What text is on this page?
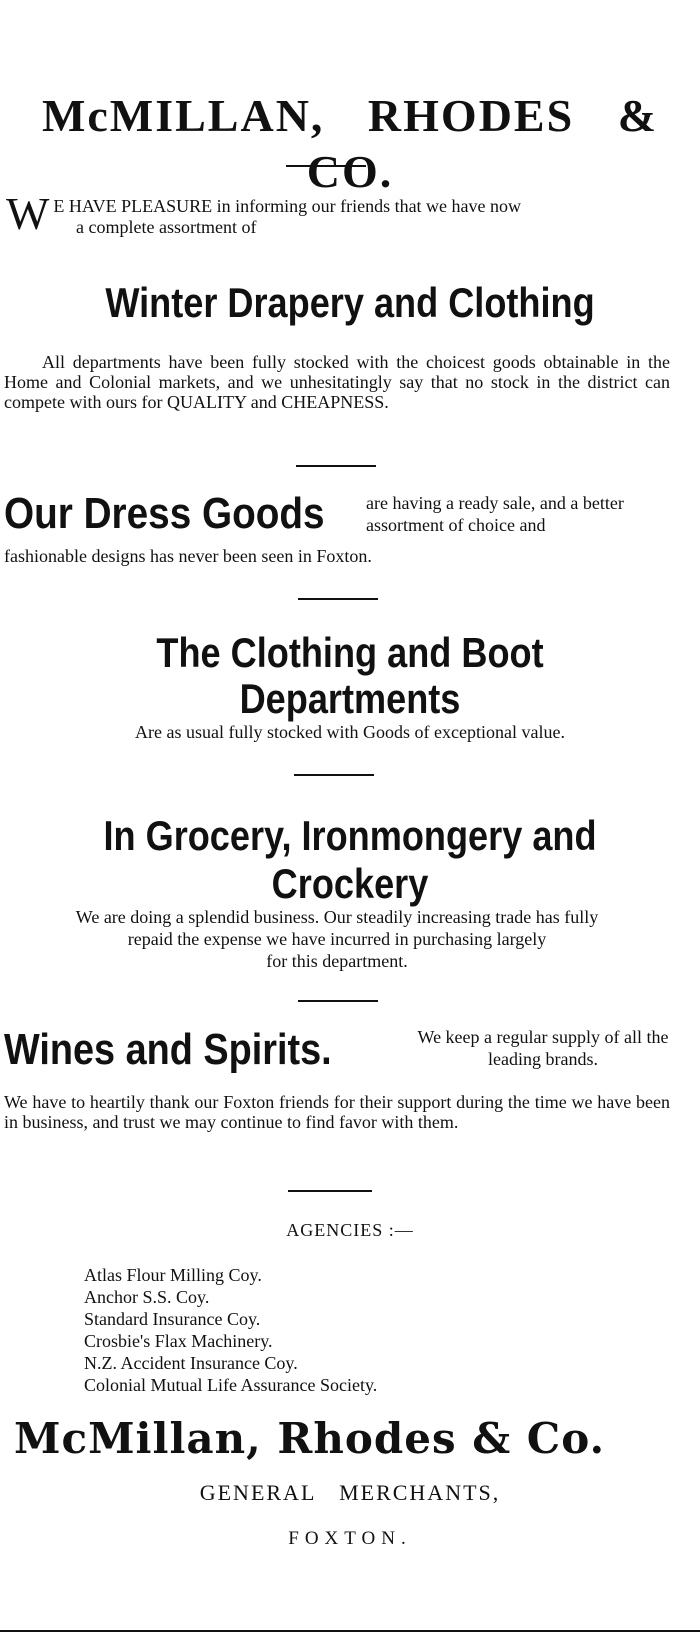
McMILLAN, RHODES & CO.
W E HAVE PLEASURE in informing our friends that we have now
a complete assortment of
Winter Drapery and Clothing
All departments have been fully stocked with the choicest goods obtainable in the Home and Colonial markets, and we unhesitatingly say that no stock in the district can compete with ours for QUALITY and CHEAPNESS.
Our Dress Goods	are having a ready sale, and a better assortment of choice and
fashionable designs has never been seen in Foxton.
The Clothing and Boot Departments
Are as usual fully stocked with Goods of exceptional value.
In Grocery, Ironmongery and Crockery
We are doing a splendid business. Our steadily increasing trade has fully
repaid the expense we have incurred in purchasing largely
for this department.
Wines and Spirits.	We keep a regular supply of all the leading brands.
We have to heartily thank our Foxton friends for their support during the time we have been in business, and trust we may continue to find favor with them.
AGENCIES :—
Atlas Flour Milling Coy.
Anchor S.S. Coy.
Standard Insurance Coy.
Crosbie's Flax Machinery.
N.Z. Accident Insurance Coy.
Colonial Mutual Life Assurance Society.
McMillan, Rhodes & Co.
GENERAL MERCHANTS,
FOXTON.
